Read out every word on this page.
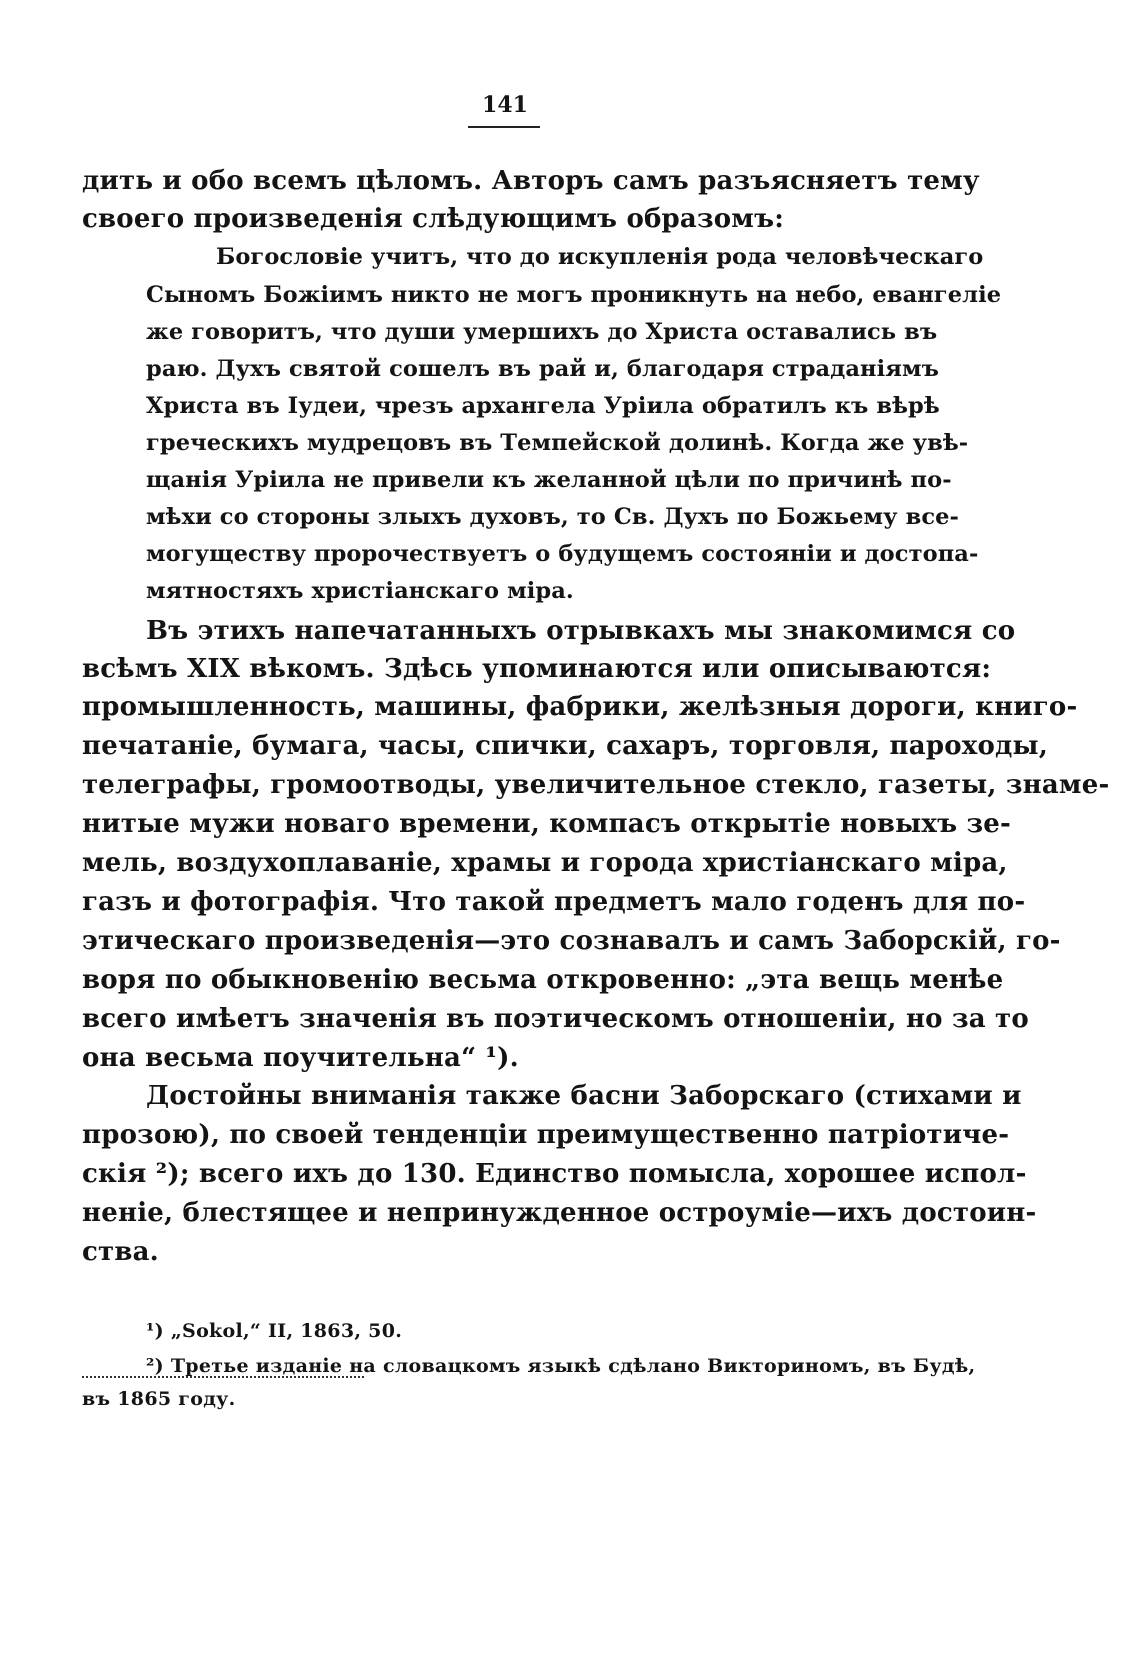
141
дить и обо всемъ цѣломъ. Авторъ самъ разъясняетъ тему
своего произведенія слѣдующимъ образомъ:
Богословіе учитъ, что до искупленія рода человѣческаго
Сыномъ Божіимъ никто не могъ проникнуть на небо, евангеліе
же говоритъ, что души умершихъ до Христа оставались въ
раю. Духъ святой сошелъ въ рай и, благодаря страданіямъ
Христа въ Іудеи, чрезъ архангела Уріила обратилъ къ вѣрѣ
греческихъ мудрецовъ въ Темпейской долинѣ. Когда же увѣ-
щанія Уріила не привели къ желанной цѣли по причинѣ по-
мѣхи со стороны злыхъ духовъ, то Св. Духъ по Божьему все-
могуществу пророчествуетъ о будущемъ состояніи и достопа-
мятностяхъ христіанскаго міра.
Въ этихъ напечатанныхъ отрывкахъ мы знакомимся со
всѣмъ XIX вѣкомъ. Здѣсь упоминаются или описываются:
промышленность, машины, фабрики, желѣзныя дороги, книго-
печатаніе, бумага, часы, спички, сахаръ, торговля, пароходы,
телеграфы, громоотводы, увеличительное стекло, газеты, знаме-
нитые мужи новаго времени, компасъ открытіе новыхъ зе-
мель, воздухоплаваніе, храмы и города христіанскаго міра,
газъ и фотографія. Что такой предметъ мало годенъ для по-
этическаго произведенія—это сознавалъ и самъ Заборскій, го-
воря по обыкновенію весьма откровенно: „эта вещь менѣе
всего имѣетъ значенія въ поэтическомъ отношеніи, но за то
она весьма поучительна“ ¹).
Достойны вниманія также басни Заборскаго (стихами и
прозою), по своей тенденціи преимущественно патріотиче-
скія ²); всего ихъ до 130. Единство помысла, хорошее испол-
неніе, блестящее и непринужденное остроуміе—ихъ достоин-
ства.
¹) „Sokol,“ II, 1863, 50.
²) Третье изданіе на словацкомъ языкѣ сдѣлано Викториномъ, въ Будѣ,
въ 1865 году.
